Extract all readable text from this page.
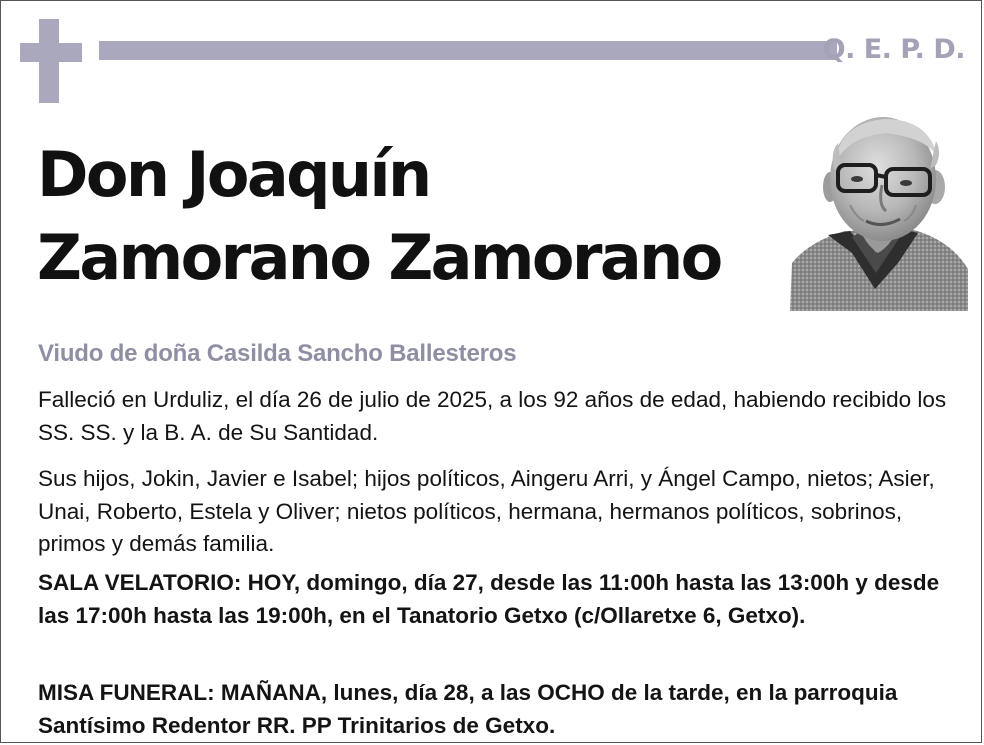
Q. E. P. D.
Don Joaquín
Zamorano Zamorano

Viudo de doña Casilda Sancho Ballesteros

Falleció en Urduliz, el día 26 de julio de 2025, a los 92 años de edad, habiendo recibido los SS. SS. y la B. A. de Su Santidad.

Sus hijos, Jokin, Javier e Isabel; hijos políticos, Aingeru Arri, y Ángel Campo, nietos; Asier, Unai, Roberto, Estela y Oliver; nietos políticos, hermana, hermanos políticos, sobrinos, primos y demás familia.

SALA VELATORIO: HOY, domingo, día 27, desde las 11:00h hasta las 13:00h y desde las 17:00h hasta las 19:00h, en el Tanatorio Getxo (c/Ollaretxe 6, Getxo).

MISA FUNERAL: MAÑANA, lunes, día 28, a las OCHO de la tarde, en la parroquia Santísimo Redentor RR. PP Trinitarios de Getxo.
